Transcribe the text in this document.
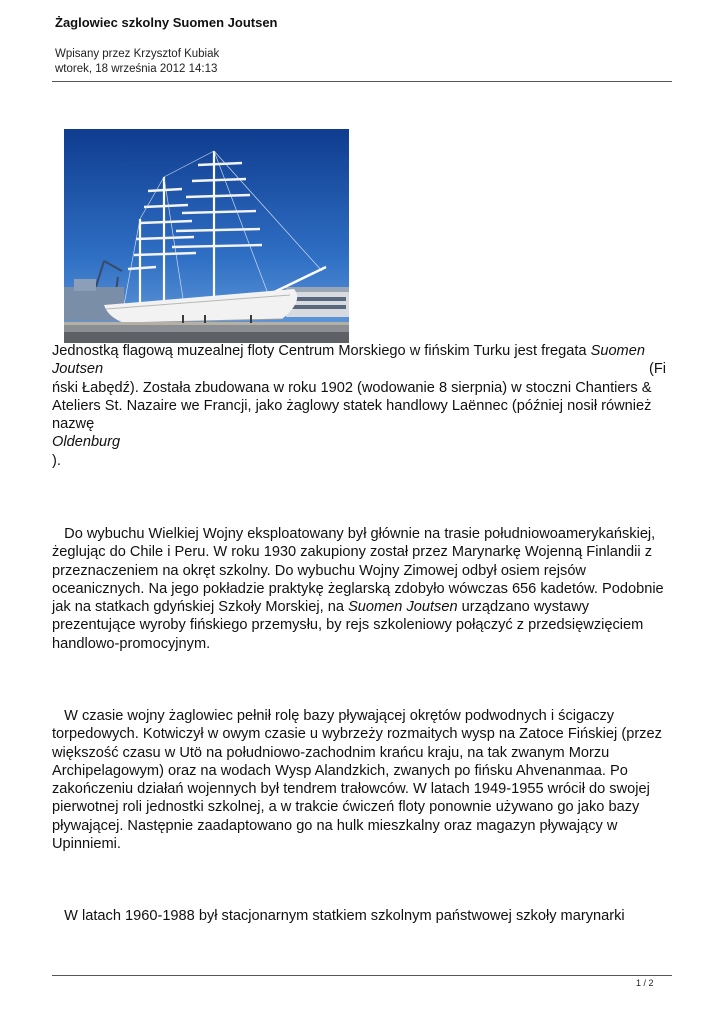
Żaglowiec szkolny Suomen Joutsen
Wpisany przez Krzysztof Kubiak
wtorek, 18 września 2012 14:13
Jednostką flagową muzealnej floty Centrum Morskiego w fińskim Turku jest fregata Suomen
Joutsen	(Fi
ński Łabędź). Została zbudowana w roku 1902 (wodowanie 8 sierpnia) w stoczni Chantiers &
Ateliers St. Nazaire we Francji, jako żaglowy statek handlowy Laënnec (później nosił również
nazwę
Oldenburg
).
Do wybuchu Wielkiej Wojny eksploatowany był głównie na trasie południowoamerykańskiej,
żeglując do Chile i Peru. W roku 1930 zakupiony został przez Marynarkę Wojenną Finlandii z
przeznaczeniem na okręt szkolny. Do wybuchu Wojny Zimowej odbył osiem rejsów
oceanicznych. Na jego pokładzie praktykę żeglarską zdobyło wówczas 656 kadetów. Podobnie
jak na statkach gdyńskiej Szkoły Morskiej, na Suomen Joutsen urządzano wystawy
prezentujące wyroby fińskiego przemysłu, by rejs szkoleniowy połączyć z przedsięwzięciem
handlowo-promocyjnym.
W czasie wojny żaglowiec pełnił rolę bazy pływającej okrętów podwodnych i ścigaczy
torpedowych. Kotwiczył w owym czasie u wybrzeży rozmaitych wysp na Zatoce Fińskiej (przez
większość czasu w Utö na południowo-zachodnim krańcu kraju, na tak zwanym Morzu
Archipelagowym) oraz na wodach Wysp Alandzkich, zwanych po fińsku Ahvenanmaa. Po
zakończeniu działań wojennych był tendrem trałowców. W latach 1949-1955 wrócił do swojej
pierwotnej roli jednostki szkolnej, a w trakcie ćwiczeń floty ponownie używano go jako bazy
pływającej. Następnie zaadaptowano go na hulk mieszkalny oraz magazyn pływający w
Upinniemi.
W latach 1960-1988 był stacjonarnym statkiem szkolnym państwowej szkoły marynarki
1 / 2
